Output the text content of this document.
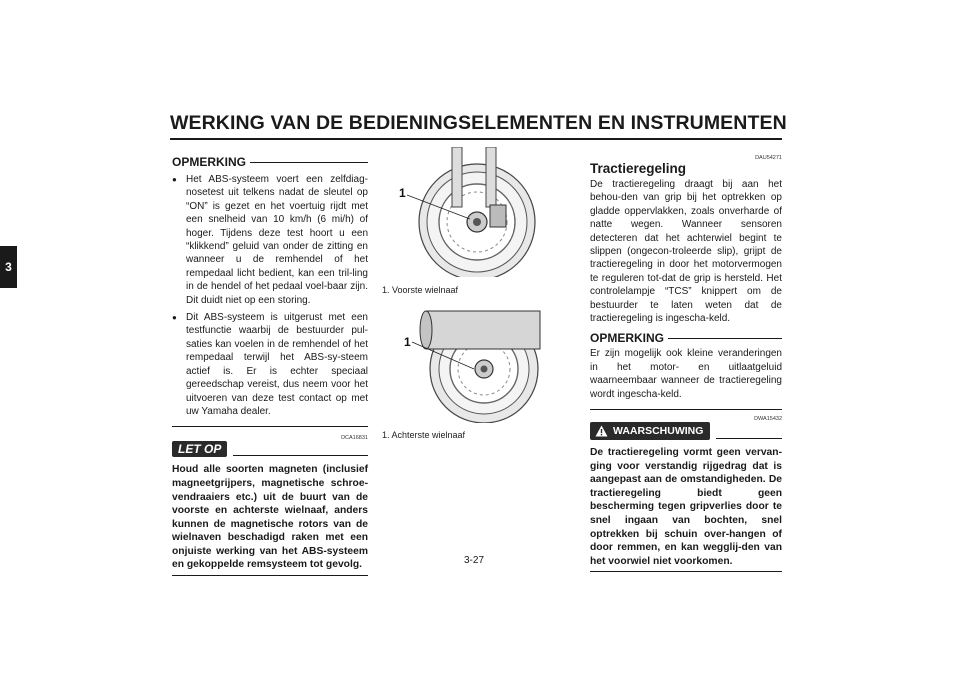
WERKING VAN DE BEDIENINGSELEMENTEN EN INSTRUMENTEN
3
OPMERKING
● Het ABS-systeem voert een zelfdiag-nosetest uit telkens nadat de sleutel op “ON” is gezet en het voertuig rijdt met een snelheid van 10 km/h (6 mi/h) of hoger. Tijdens deze test hoort u een “klikkend” geluid van onder de zitting en wanneer u de remhendel of het rempedaal licht bedient, kan een tril-ling in de hendel of het pedaal voel-baar zijn. Dit duidt niet op een storing.
● Dit ABS-systeem is uitgerust met een testfunctie waarbij de bestuurder pul-saties kan voelen in de remhendel of het rempedaal terwijl het ABS-sy-steem actief is. Er is echter speciaal gereedschap vereist, dus neem voor het uitvoeren van deze test contact op met uw Yamaha dealer.
DCA16831
LET OP
Houd alle soorten magneten (inclusief magneetgrijpers, magnetische schroe-vendraaiers etc.) uit de buurt van de voorste en achterste wielnaaf, anders kunnen de magnetische rotors van de wielnaven beschadigd raken met een onjuiste werking van het ABS-systeem en gekoppelde remsysteem tot gevolg.
1
1. Voorste wielnaaf
1
1. Achterste wielnaaf
DAU54271
Tractieregeling
De tractieregeling draagt bij aan het behou-den van grip bij het optrekken op gladde oppervlakken, zoals onverharde of natte wegen. Wanneer sensoren detecteren dat het achterwiel begint te slippen (ongecon-troleerde slip), grijpt de tractieregeling in door het motorvermogen te reguleren tot-dat de grip is hersteld. Het controlelampje “TCS” knippert om de bestuurder te laten weten dat de tractieregeling is ingescha-keld.
OPMERKING
Er zijn mogelijk ook kleine veranderingen in het motor- en uitlaatgeluid waarneembaar wanneer de tractieregeling wordt ingescha-keld.
DWA15432
WAARSCHUWING
De tractieregeling vormt geen vervan-ging voor verstandig rijgedrag dat is aangepast aan de omstandigheden. De tractieregeling biedt geen bescherming tegen gripverlies door te snel ingaan van bochten, snel optrekken bij schuin over-hangen of door remmen, en kan wegglij-den van het voorwiel niet voorkomen.
3-27
